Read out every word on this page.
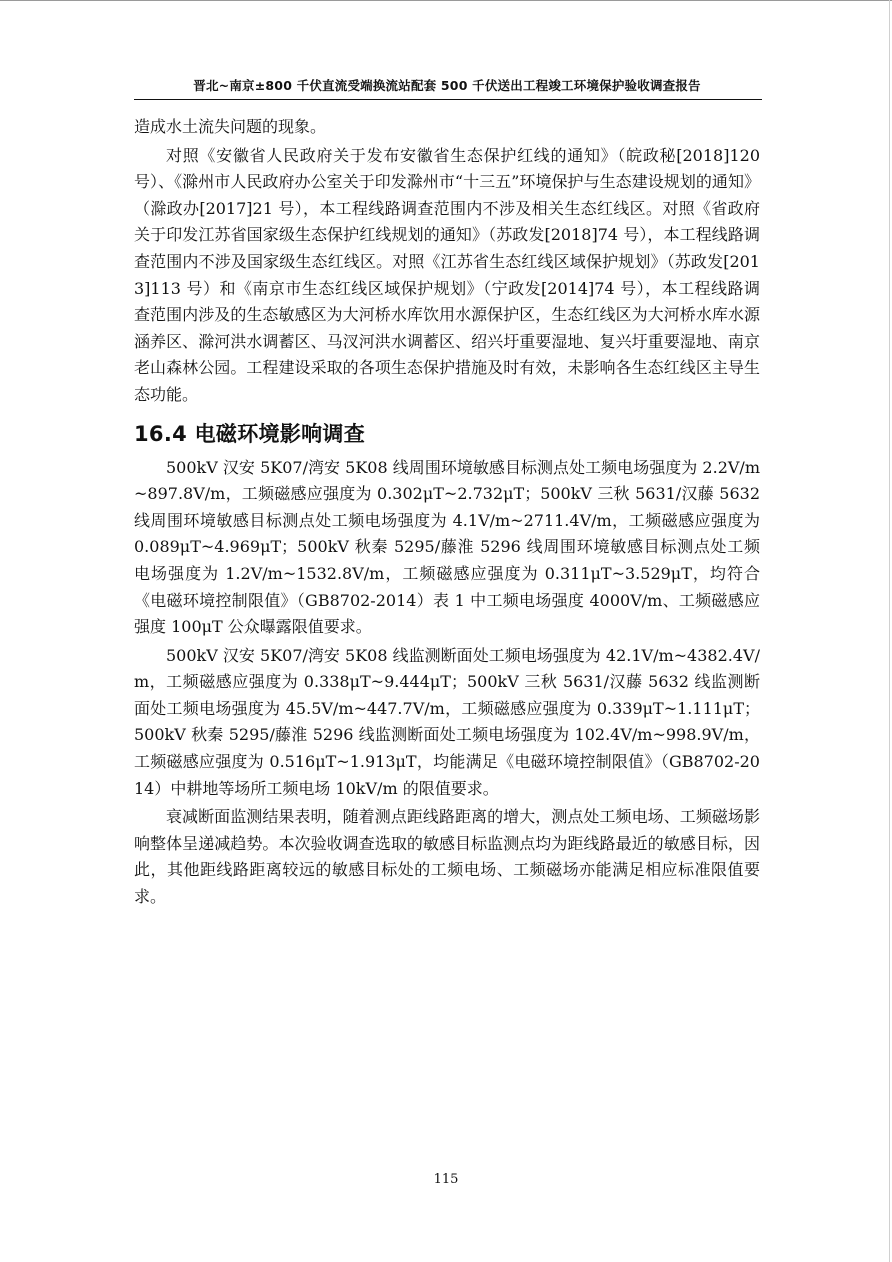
晋北~南京±800 千伏直流受端换流站配套 500 千伏送出工程竣工环境保护验收调查报告

造成水土流失问题的现象。

对照《安徽省人民政府关于发布安徽省生态保护红线的通知》（皖政秘[2018]120 号）、《滁州市人民政府办公室关于印发滁州市“十三五”环境保护与生态建设规划的通知》（滁政办[2017]21 号），本工程线路调查范围内不涉及相关生态红线区。对照《省政府关于印发江苏省国家级生态保护红线规划的通知》（苏政发[2018]74 号），本工程线路调查范围内不涉及国家级生态红线区。对照《江苏省生态红线区域保护规划》（苏政发[2013]113 号）和《南京市生态红线区域保护规划》（宁政发[2014]74 号），本工程线路调查范围内涉及的生态敏感区为大河桥水库饮用水源保护区，生态红线区为大河桥水库水源涵养区、滁河洪水调蓄区、马汊河洪水调蓄区、绍兴圩重要湿地、复兴圩重要湿地、南京老山森林公园。工程建设采取的各项生态保护措施及时有效，未影响各生态红线区主导生态功能。

16.4 电磁环境影响调查

500kV 汉安 5K07/湾安 5K08 线周围环境敏感目标测点处工频电场强度为 2.2V/m~897.8V/m，工频磁感应强度为 0.302μT~2.732μT；500kV 三秋 5631/汉藤 5632 线周围环境敏感目标测点处工频电场强度为 4.1V/m~2711.4V/m，工频磁感应强度为 0.089μT~4.969μT；500kV 秋秦 5295/藤淮 5296 线周围环境敏感目标测点处工频电场强度为 1.2V/m~1532.8V/m，工频磁感应强度为 0.311μT~3.529μT，均符合《电磁环境控制限值》（GB8702-2014）表 1 中工频电场强度 4000V/m、工频磁感应强度 100μT 公众曝露限值要求。

500kV 汉安 5K07/湾安 5K08 线监测断面处工频电场强度为 42.1V/m~4382.4V/m，工频磁感应强度为 0.338μT~9.444μT；500kV 三秋 5631/汉藤 5632 线监测断面处工频电场强度为 45.5V/m~447.7V/m，工频磁感应强度为 0.339μT~1.111μT；500kV 秋秦 5295/藤淮 5296 线监测断面处工频电场强度为 102.4V/m~998.9V/m，工频磁感应强度为 0.516μT~1.913μT，均能满足《电磁环境控制限值》（GB8702-2014）中耕地等场所工频电场 10kV/m 的限值要求。

衰减断面监测结果表明，随着测点距线路距离的增大，测点处工频电场、工频磁场影响整体呈递减趋势。本次验收调查选取的敏感目标监测点均为距线路最近的敏感目标，因此，其他距线路距离较远的敏感目标处的工频电场、工频磁场亦能满足相应标准限值要求。

115
